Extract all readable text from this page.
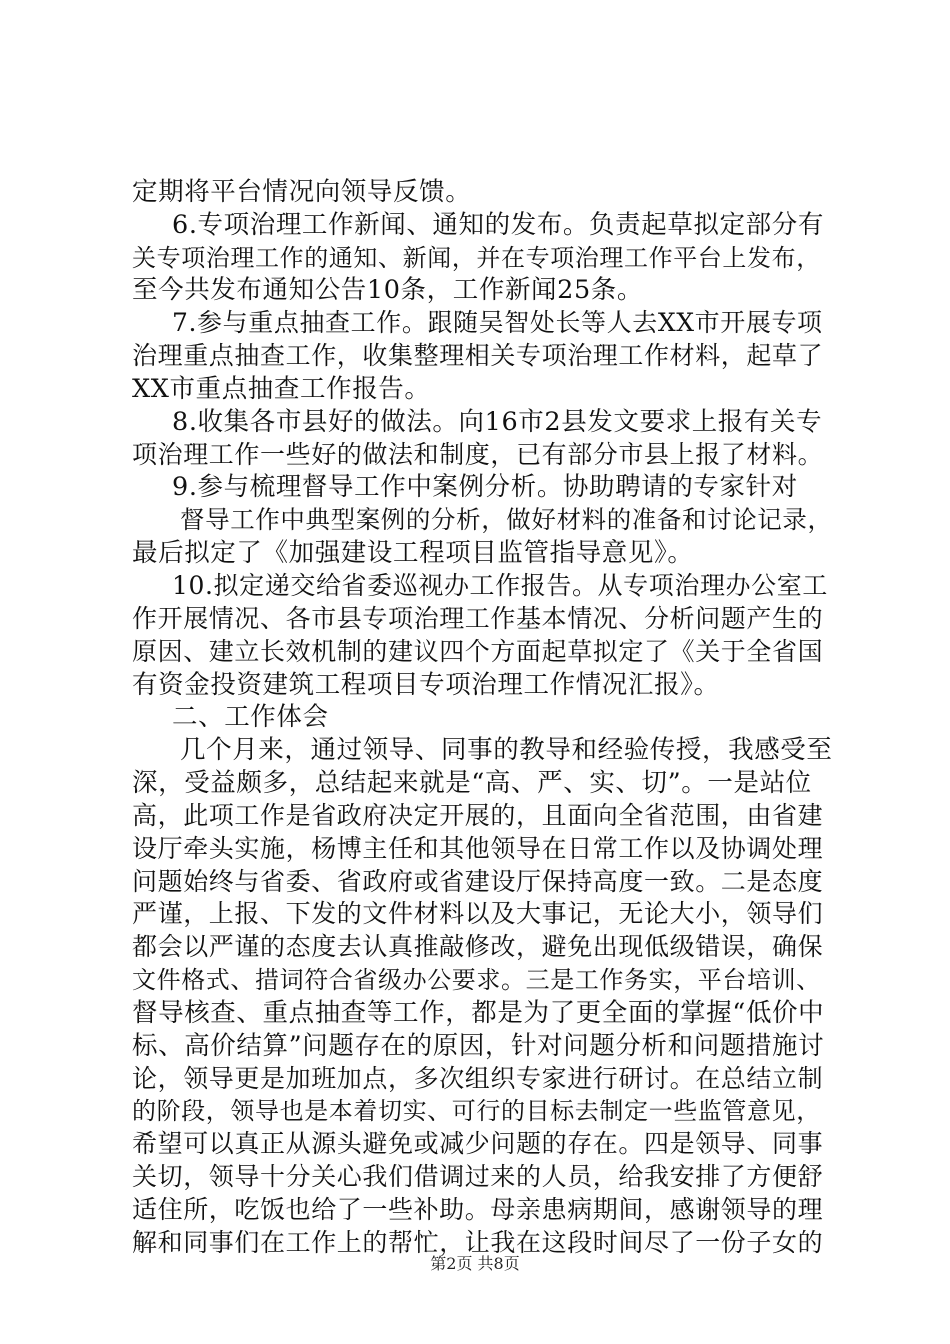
定期将平台情况向领导反馈。
6.专项治理工作新闻、通知的发布。负责起草拟定部分有
关专项治理工作的通知、新闻，并在专项治理工作平台上发布，
至今共发布通知公告10条，工作新闻25条。
7.参与重点抽查工作。跟随吴智处长等人去XX市开展专项
治理重点抽查工作，收集整理相关专项治理工作材料，起草了
XX市重点抽查工作报告。
8.收集各市县好的做法。向16市2县发文要求上报有关专
项治理工作一些好的做法和制度，已有部分市县上报了材料。
9.参与梳理督导工作中案例分析。协助聘请的专家针对
督导工作中典型案例的分析，做好材料的准备和讨论记录，
最后拟定了《加强建设工程项目监管指导意见》。
10.拟定递交给省委巡视办工作报告。从专项治理办公室工
作开展情况、各市县专项治理工作基本情况、分析问题产生的
原因、建立长效机制的建议四个方面起草拟定了《关于全省国
有资金投资建筑工程项目专项治理工作情况汇报》。
二、工作体会
几个月来，通过领导、同事的教导和经验传授，我感受至
深，受益颇多，总结起来就是“高、严、实、切”。一是站位
高，此项工作是省政府决定开展的，且面向全省范围，由省建
设厅牵头实施，杨博主任和其他领导在日常工作以及协调处理
问题始终与省委、省政府或省建设厅保持高度一致。二是态度
严谨，上报、下发的文件材料以及大事记，无论大小，领导们
都会以严谨的态度去认真推敲修改，避免出现低级错误，确保
文件格式、措词符合省级办公要求。三是工作务实，平台培训、
督导核查、重点抽查等工作，都是为了更全面的掌握“低价中
标、高价结算”问题存在的原因，针对问题分析和问题措施讨
论，领导更是加班加点，多次组织专家进行研讨。在总结立制
的阶段，领导也是本着切实、可行的目标去制定一些监管意见，
希望可以真正从源头避免或减少问题的存在。四是领导、同事
关切，领导十分关心我们借调过来的人员，给我安排了方便舒
适住所，吃饭也给了一些补助。母亲患病期间，感谢领导的理
解和同事们在工作上的帮忙，让我在这段时间尽了一份子女的
第2页 共8页
